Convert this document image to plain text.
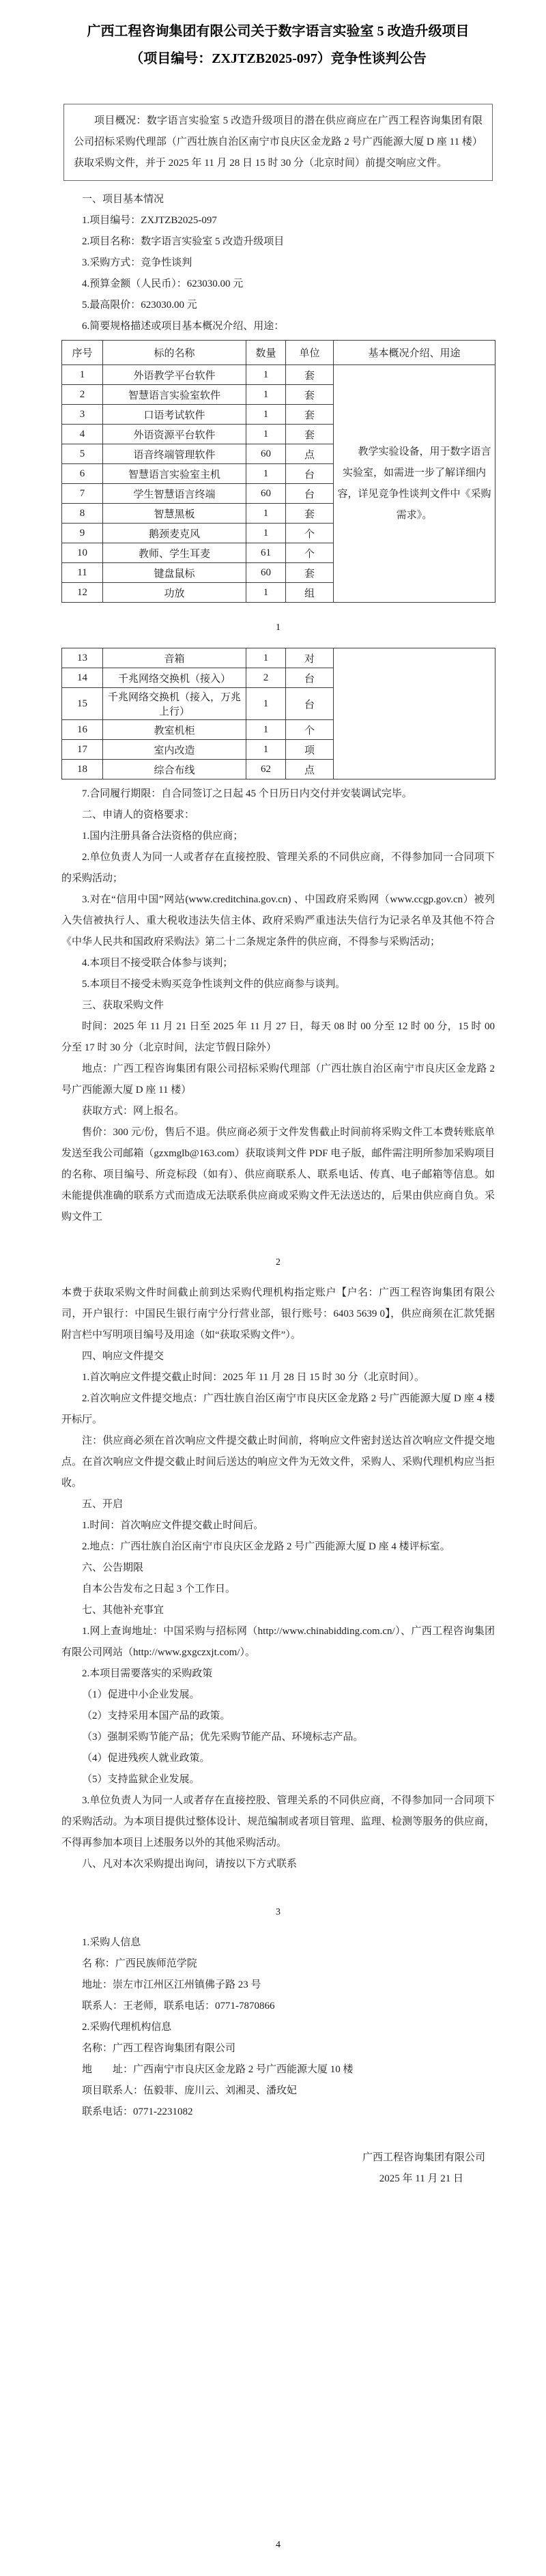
广西工程咨询集团有限公司关于数字语言实验室 5 改造升级项目

（项目编号：ZXJTZB2025-097）竞争性谈判公告

项目概况：数字语言实验室 5 改造升级项目的潜在供应商应在广西工程咨询集团有限公司招标采购代理部（广西壮族自治区南宁市良庆区金龙路 2 号广西能源大厦 D 座 11 楼）获取采购文件，并于 2025 年 11 月 28 日 15 时 30 分（北京时间）前提交响应文件。

一、项目基本情况

1.项目编号：ZXJTZB2025-097

2.项目名称：数字语言实验室 5 改造升级项目

3.采购方式：竞争性谈判

4.预算金额（人民币）：623030.00 元

5.最高限价：623030.00 元

6.简要规格描述或项目基本概况介绍、用途：

序号	标的名称	数量	单位	基本概况介绍、用途
1	外语教学平台软件	1	套	教学实验设备，用于数字语言实验室，如需进一步了解详细内容，详见竞争性谈判文件中《采购需求》。
2	智慧语言实验室软件	1	套	
3	口语考试软件	1	套	
4	外语资源平台软件	1	套	
5	语音终端管理软件	60	点	
6	智慧语言实验室主机	1	台	
7	学生智慧语言终端	60	台	
8	智慧黑板	1	套	
9	鹅颈麦克风	1	个	
10	教师、学生耳麦	61	个	
11	键盘鼠标	60	套	
12	功放	1	组	

1

13	音箱	1	对	
14	千兆网络交换机（接入）	2	台	
15	千兆网络交换机（接入，万兆上行）	1	台	
16	教室机柜	1	个	
17	室内改造	1	项	
18	综合布线	62	点	

7.合同履行期限：自合同签订之日起 45 个日历日内交付并安装调试完毕。

二、申请人的资格要求：

1.国内注册具备合法资格的供应商；

2.单位负责人为同一人或者存在直接控股、管理关系的不同供应商，不得参加同一合同项下的采购活动；

3.对在“信用中国”网站(www.creditchina.gov.cn) 、中国政府采购网（www.ccgp.gov.cn）被列入失信被执行人、重大税收违法失信主体、政府采购严重违法失信行为记录名单及其他不符合《中华人民共和国政府采购法》第二十二条规定条件的供应商，不得参与采购活动；

4.本项目不接受联合体参与谈判；

5.本项目不接受未购买竞争性谈判文件的供应商参与谈判。

三、获取采购文件

时间：2025 年 11 月 21 日至 2025 年 11 月 27 日，每天 08 时 00 分至 12 时 00 分，15 时 00 分至 17 时 30 分（北京时间，法定节假日除外）

地点：广西工程咨询集团有限公司招标采购代理部（广西壮族自治区南宁市良庆区金龙路 2 号广西能源大厦 D 座 11 楼）

获取方式：网上报名。

售价：300 元/份，售后不退。供应商必须于文件发售截止时间前将采购文件工本费转账底单发送至我公司邮箱（gzxmglb@163.com）获取谈判文件 PDF 电子版，邮件需注明所参加采购项目的名称、项目编号、所竞标段（如有）、供应商联系人、联系电话、传真、电子邮箱等信息。如未能提供准确的联系方式而造成无法联系供应商或采购文件无法送达的，后果由供应商自负。采购文件工

2

本费于获取采购文件时间截止前到达采购代理机构指定账户【户名：广西工程咨询集团有限公司，开户银行：中国民生银行南宁分行营业部，银行账号：6403 5639 0】，供应商须在汇款凭据附言栏中写明项目编号及用途（如“获取采购文件”）。

四、响应文件提交

1.首次响应文件提交截止时间：2025 年 11 月 28 日 15 时 30 分（北京时间）。

2.首次响应文件提交地点：广西壮族自治区南宁市良庆区金龙路 2 号广西能源大厦 D 座 4 楼开标厅。

注：供应商必须在首次响应文件提交截止时间前，将响应文件密封送达首次响应文件提交地点。在首次响应文件提交截止时间后送达的响应文件为无效文件，采购人、采购代理机构应当拒收。

五、开启

1.时间：首次响应文件提交截止时间后。

2.地点：广西壮族自治区南宁市良庆区金龙路 2 号广西能源大厦 D 座 4 楼评标室。

六、公告期限

自本公告发布之日起 3 个工作日。

七、其他补充事宜

1.网上查询地址：中国采购与招标网（http://www.chinabidding.com.cn/）、广西工程咨询集团有限公司网站（http://www.gxgczxjt.com/）。

2.本项目需要落实的采购政策

（1）促进中小企业发展。

（2）支持采用本国产品的政策。

（3）强制采购节能产品；优先采购节能产品、环境标志产品。

（4）促进残疾人就业政策。

（5）支持监狱企业发展。

3.单位负责人为同一人或者存在直接控股、管理关系的不同供应商，不得参加同一合同项下的采购活动。为本项目提供过整体设计、规范编制或者项目管理、监理、检测等服务的供应商，不得再参加本项目上述服务以外的其他采购活动。

八、凡对本次采购提出询问，请按以下方式联系

3

1.采购人信息

名 称：广西民族师范学院

地址：崇左市江州区江州镇佛子路 23 号

联系人：王老师，联系电话：0771-7870866

2.采购代理机构信息

名称：广西工程咨询集团有限公司

地　　址：广西南宁市良庆区金龙路 2 号广西能源大厦 10 楼

项目联系人：伍毅菲、庞川云、刘湘灵、潘玫妃

联系电话：0771-2231082

广西工程咨询集团有限公司

2025 年 11 月 21 日

4
